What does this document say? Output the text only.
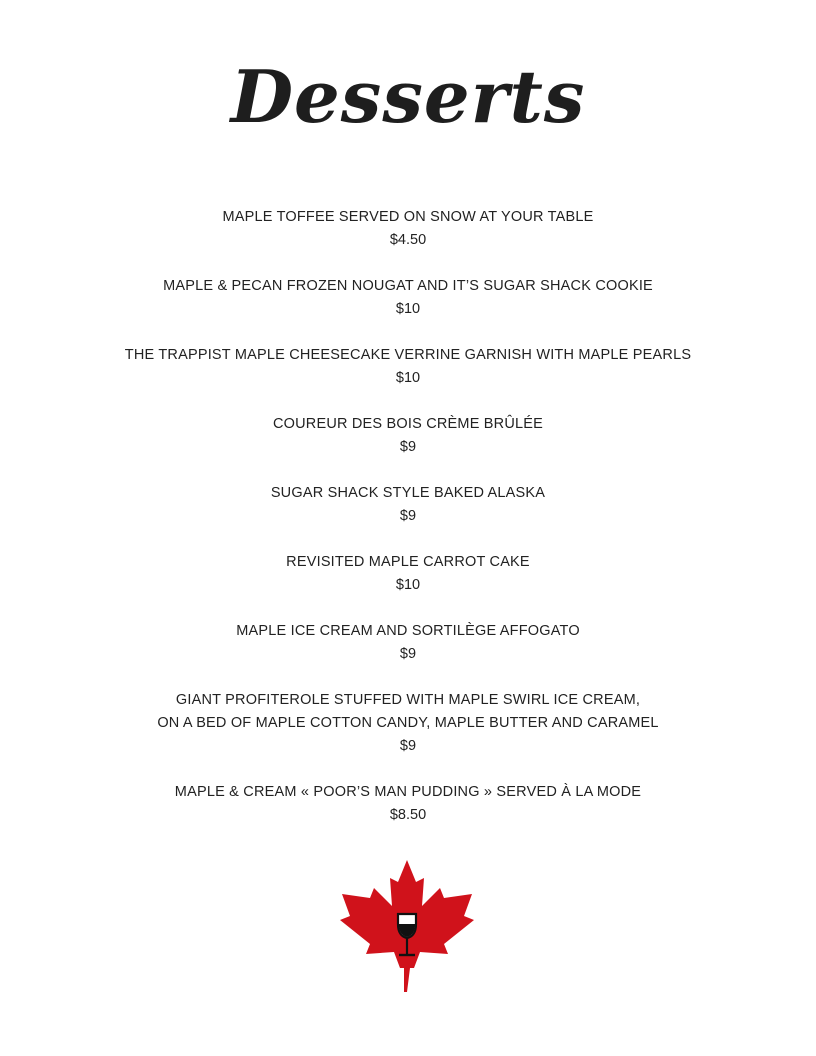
Desserts
MAPLE TOFFEE SERVED ON SNOW AT YOUR TABLE
$4.50
MAPLE & PECAN FROZEN NOUGAT AND IT’S SUGAR SHACK COOKIE
$10
THE TRAPPIST MAPLE CHEESECAKE VERRINE GARNISH WITH MAPLE PEARLS
$10
COUREUR DES BOIS CRÈME BRÛLÉE
$9
SUGAR SHACK STYLE BAKED ALASKA
$9
REVISITED MAPLE CARROT CAKE
$10
MAPLE ICE CREAM AND SORTILÈGE AFFOGATO
$9
GIANT PROFITEROLE STUFFED WITH MAPLE SWIRL ICE CREAM,
ON A BED OF MAPLE COTTON CANDY, MAPLE BUTTER AND CARAMEL
$9
MAPLE & CREAM « POOR’S MAN PUDDING » SERVED À LA MODE
$8.50
